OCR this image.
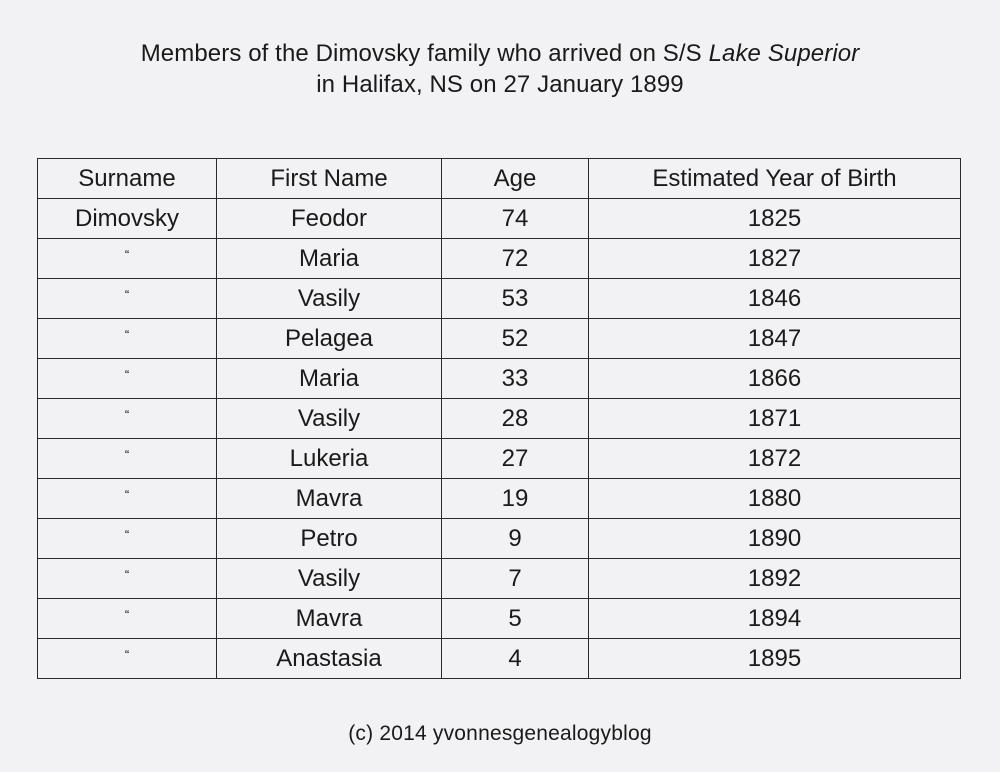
Members of the Dimovsky family who arrived on S/S Lake Superior
in Halifax, NS on 27 January 1899
Surname	First Name	Age	Estimated Year of Birth
Dimovsky	Feodor	74	1825
“	Maria	72	1827
“	Vasily	53	1846
“	Pelagea	52	1847
“	Maria	33	1866
“	Vasily	28	1871
“	Lukeria	27	1872
“	Mavra	19	1880
“	Petro	9	1890
“	Vasily	7	1892
“	Mavra	5	1894
“	Anastasia	4	1895
(c) 2014 yvonnesgenealogyblog
